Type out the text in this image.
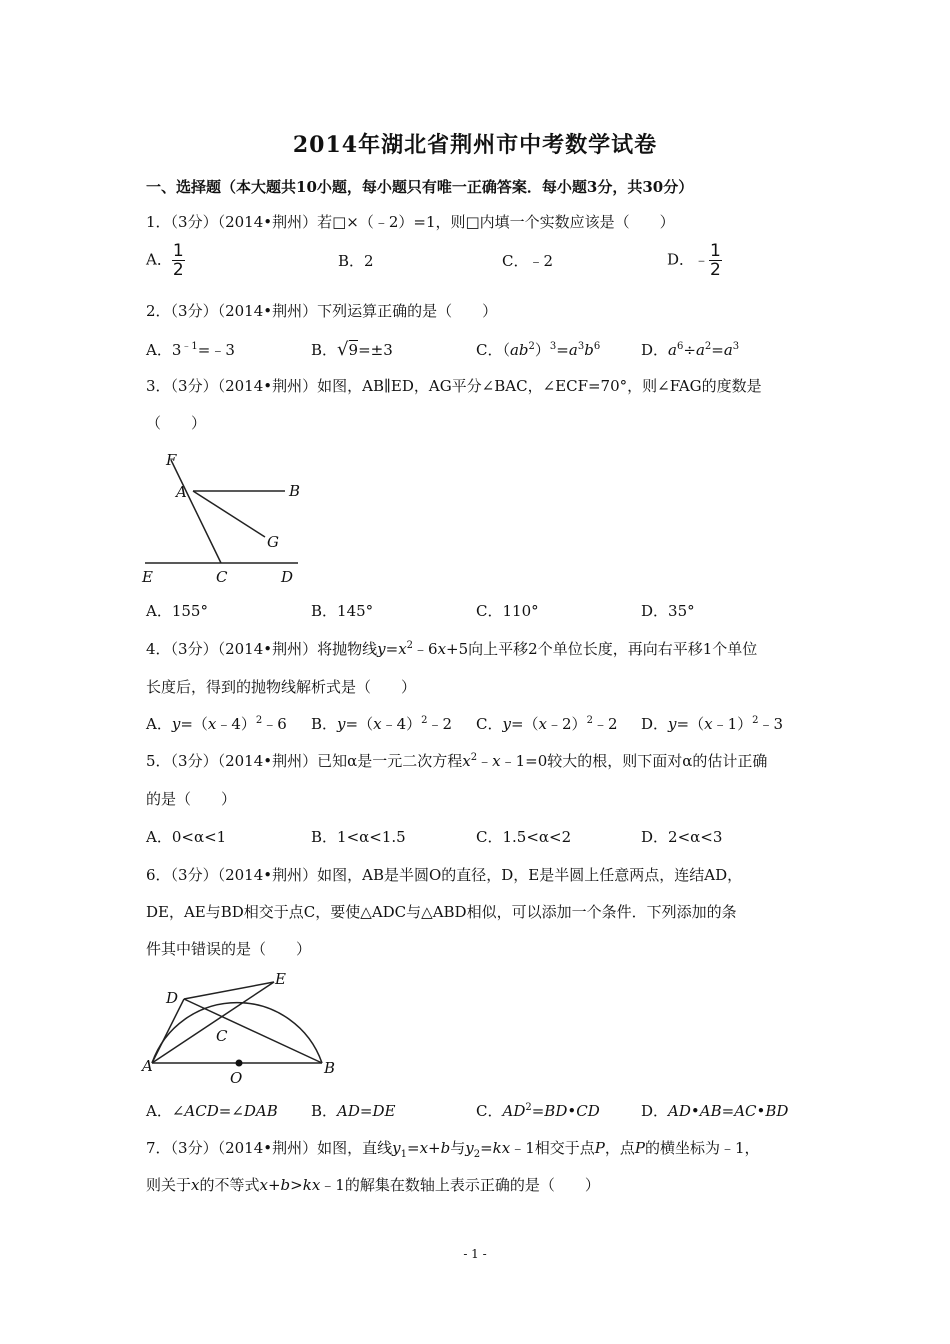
2014年湖北省荆州市中考数学试卷
一、选择题（本大题共10小题，每小题只有唯一正确答案．每小题3分，共30分）
1．（3分）（2014•荆州）若□×（﹣2）=1，则□内填一个实数应该是（　　）
A． $\frac{1}{2}$	B．2	C．﹣2	D．﹣ $\frac{1}{2}$
2．（3分）（2014•荆州）下列运算正确的是（　　）
A．$3^{﹣1}=﹣3$	B．√9=±3	C．$(ab^2)^3=a^3b^6$	D．$a^6\div a^2=a^3$
3．（3分）（2014•荆州）如图，AB∥ED，AG平分∠BAC，∠ECF=70°，则∠FAG的度数是
（　　）
F
A	B
G
E	C	D
A．155°	B．145°	C．110°	D．35°
4．（3分）（2014•荆州）将抛物线$y=x^2﹣6x+5$向上平移2个单位长度，再向右平移1个单位
长度后，得到的抛物线解析式是（　　）
A．y=（x﹣4）$^2$﹣6 B．y=（x﹣4）$^2$﹣2 C．y=（x﹣2）$^2$﹣2 D．y=（x﹣1）$^2$﹣3
5．（3分）（2014•荆州）已知α是一元二次方程$x^2﹣x﹣1=0$较大的根，则下面对α的估计正确
的是（　　）
A．0<α<1	B．1<α<1.5	C．1.5<α<2	D．2<α<3
6．（3分）（2014•荆州）如图，AB是半圆O的直径，D，E是半圆上任意两点，连结AD，
DE，AE与BD相交于点C，要使△ADC与△ABD相似，可以添加一个条件．下列添加的条
件其中错误的是（　　）
D
E
C
A
O
B
A．∠ACD=∠DAB B．AD=DE	C．$AD^2=BD•CD$	D．AD•AB=AC•BD
7．（3分）（2014•荆州）如图，直线$y_1=x+b$与$y_2=kx﹣1$相交于点P，点P的横坐标为﹣1，
则关于x的不等式x+b>kx﹣1的解集在数轴上表示正确的是（　　）
- 1 -
